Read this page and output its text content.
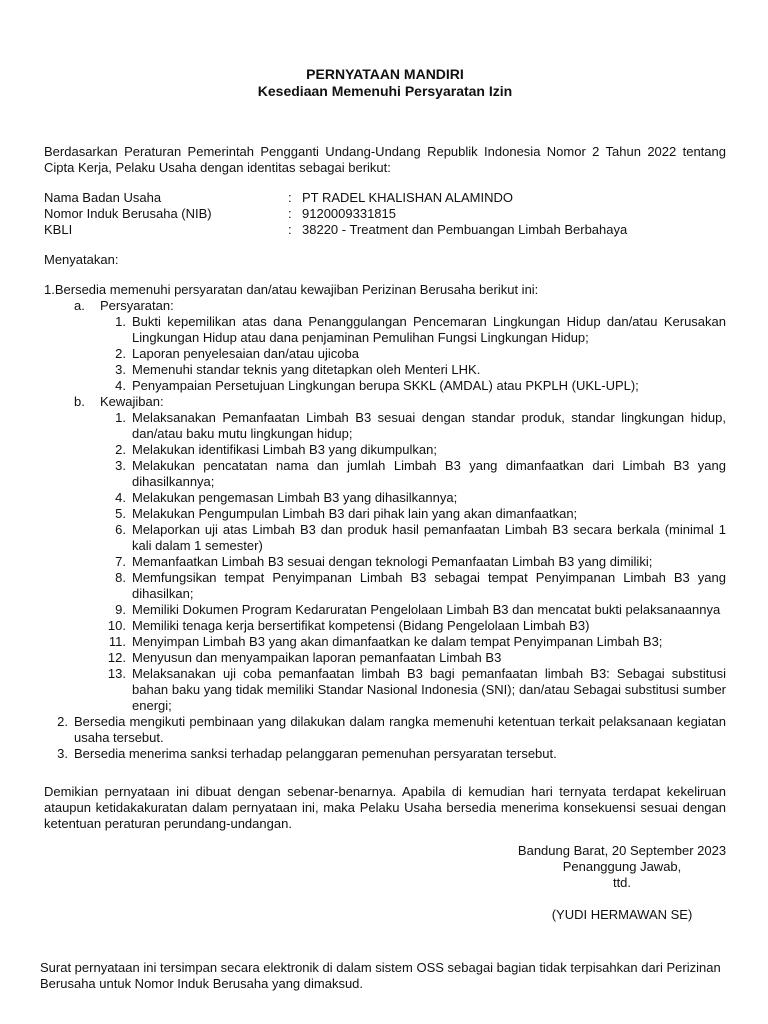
PERNYATAAN MANDIRI
Kesediaan Memenuhi Persyaratan Izin
Berdasarkan Peraturan Pemerintah Pengganti Undang-Undang Republik Indonesia Nomor 2 Tahun 2022 tentang Cipta Kerja, Pelaku Usaha dengan identitas sebagai berikut:
Nama Badan Usaha	: PT RADEL KHALISHAN ALAMINDO
Nomor Induk Berusaha (NIB)	: 9120009331815
KBLI	: 38220 - Treatment dan Pembuangan Limbah Berbahaya
Menyatakan:
1. Bersedia memenuhi persyaratan dan/atau kewajiban Perizinan Berusaha berikut ini:
a.	Persyaratan:
1. Bukti kepemilikan atas dana Penanggulangan Pencemaran Lingkungan Hidup dan/atau Kerusakan Lingkungan Hidup atau dana penjaminan Pemulihan Fungsi Lingkungan Hidup;
2. Laporan penyelesaian dan/atau ujicoba
3. Memenuhi standar teknis yang ditetapkan oleh Menteri LHK.
4. Penyampaian Persetujuan Lingkungan berupa SKKL (AMDAL) atau PKPLH (UKL-UPL);
b.	Kewajiban:
1. Melaksanakan Pemanfaatan Limbah B3 sesuai dengan standar produk, standar lingkungan hidup, dan/atau baku mutu lingkungan hidup;
2. Melakukan identifikasi Limbah B3 yang dikumpulkan;
3. Melakukan pencatatan nama dan jumlah Limbah B3 yang dimanfaatkan dari Limbah B3 yang dihasilkannya;
4. Melakukan pengemasan Limbah B3 yang dihasilkannya;
5. Melakukan Pengumpulan Limbah B3 dari pihak lain yang akan dimanfaatkan;
6. Melaporkan uji atas Limbah B3 dan produk hasil pemanfaatan Limbah B3 secara berkala (minimal 1 kali dalam 1 semester)
7. Memanfaatkan Limbah B3 sesuai dengan teknologi Pemanfaatan Limbah B3 yang dimiliki;
8. Memfungsikan tempat Penyimpanan Limbah B3 sebagai tempat Penyimpanan Limbah B3 yang dihasilkan;
9. Memiliki Dokumen Program Kedaruratan Pengelolaan Limbah B3 dan mencatat bukti pelaksanaannya
10. Memiliki tenaga kerja bersertifikat kompetensi (Bidang Pengelolaan Limbah B3)
11. Menyimpan Limbah B3 yang akan dimanfaatkan ke dalam tempat Penyimpanan Limbah B3;
12. Menyusun dan menyampaikan laporan pemanfaatan Limbah B3
13. Melaksanakan uji coba pemanfaatan limbah B3 bagi pemanfaatan limbah B3: Sebagai substitusi bahan baku yang tidak memiliki Standar Nasional Indonesia (SNI); dan/atau Sebagai substitusi sumber energi;
2. Bersedia mengikuti pembinaan yang dilakukan dalam rangka memenuhi ketentuan terkait pelaksanaan kegiatan usaha tersebut.
3. Bersedia menerima sanksi terhadap pelanggaran pemenuhan persyaratan tersebut.
Demikian pernyataan ini dibuat dengan sebenar-benarnya. Apabila di kemudian hari ternyata terdapat kekeliruan ataupun ketidakakuratan dalam pernyataan ini, maka Pelaku Usaha bersedia menerima konsekuensi sesuai dengan ketentuan peraturan perundang-undangan.
Bandung Barat, 20 September 2023
Penanggung Jawab,
ttd.
(YUDI HERMAWAN SE)
Surat pernyataan ini tersimpan secara elektronik di dalam sistem OSS sebagai bagian tidak terpisahkan dari Perizinan Berusaha untuk Nomor Induk Berusaha yang dimaksud.
